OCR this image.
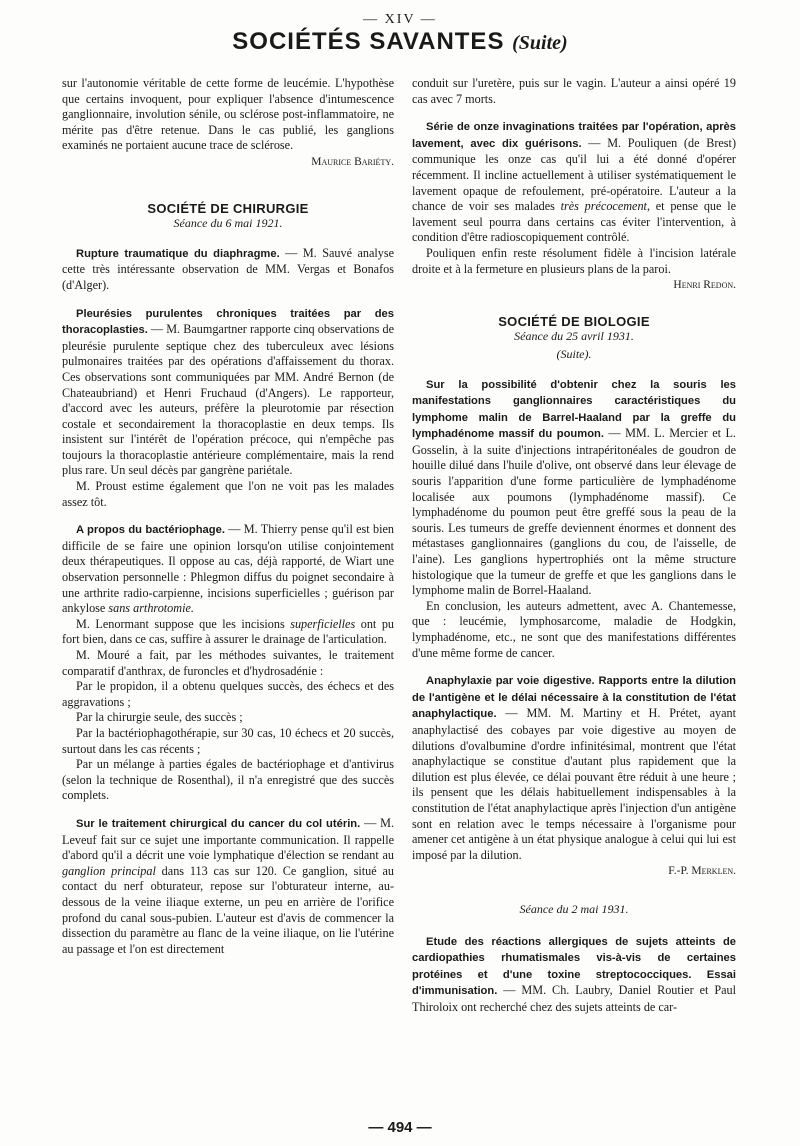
— XIV —
SOCIÉTÉS SAVANTES (Suite)

sur l'autonomie véritable de cette forme de leucémie. L'hypothèse que certains invoquent, pour expliquer l'absence d'intumescence ganglionnaire, involution sénile, ou sclérose post-inflammatoire, ne mérite pas d'être retenue. Dans le cas publié, les ganglions examinés ne portaient aucune trace de sclérose.

Maurice Bariéty.
SOCIÉTÉ DE CHIRURGIE
Séance du 6 mai 1921.

Rupture traumatique du diaphragme. — M. Sauvé analyse cette très intéressante observation de MM. Vergas et Bonafos (d'Alger).

Pleurésies purulentes chroniques traitées par des thoracoplasties. — M. Baumgartner rapporte cinq observations de pleurésie purulente septique chez des tuberculeux avec lésions pulmonaires traitées par des opérations d'affaissement du thorax. Ces observations sont communiquées par MM. André Bernon (de Chateaubriand) et Henri Fruchaud (d'Angers). Le rapporteur, d'accord avec les auteurs, préfère la pleurotomie par résection costale et secondairement la thoracoplastie en deux temps. Ils insistent sur l'intérêt de l'opération précoce, qui n'empêche pas toujours la thoracoplastie antérieure complémentaire, mais la rend plus rare. Un seul décès par gangrène pariétale.

M. Proust estime également que l'on ne voit pas les malades assez tôt.

A propos du bactériophage. — M. Thierry pense qu'il est bien difficile de se faire une opinion lorsqu'on utilise conjointement deux thérapeutiques. Il oppose au cas, déjà rapporté, de Wiart une observation personnelle : Phlegmon diffus du poignet secondaire à une arthrite radio-carpienne, incisions superficielles ; guérison par ankylose sans arthrotomie.

M. Lenormant suppose que les incisions superficielles ont pu fort bien, dans ce cas, suffire à assurer le drainage de l'articulation.

M. Mouré a fait, par les méthodes suivantes, le traitement comparatif d'anthrax, de furoncles et d'hydrosadénie :

Par le propidon, il a obtenu quelques succès, des échecs et des aggravations ;

Par la chirurgie seule, des succès ;

Par la bactériophagothérapie, sur 30 cas, 10 échecs et 20 succès, surtout dans les cas récents ;

Par un mélange à parties égales de bactériophage et d'antivirus (selon la technique de Rosenthal), il n'a enregistré que des succès complets.

Sur le traitement chirurgical du cancer du col utérin. — M. Leveuf fait sur ce sujet une importante communication. Il rappelle d'abord qu'il a décrit une voie lymphatique d'élection se rendant au ganglion principal dans 113 cas sur 120. Ce ganglion, situé au contact du nerf obturateur, repose sur l'obturateur interne, au-dessous de la veine iliaque externe, un peu en arrière de l'orifice profond du canal sous-pubien. L'auteur est d'avis de commencer la dissection du paramètre au flanc de la veine iliaque, on lie l'utérine au passage et l'on est directement

conduit sur l'uretère, puis sur le vagin. L'auteur a ainsi opéré 19 cas avec 7 morts.

Série de onze invaginations traitées par l'opération, après lavement, avec dix guérisons. — M. Pouliquen (de Brest) communique les onze cas qu'il lui a été donné d'opérer récemment. Il incline actuellement à utiliser systématiquement le lavement opaque de refoulement, pré-opératoire. L'auteur a la chance de voir ses malades très précocement, et pense que le lavement seul pourra dans certains cas éviter l'intervention, à condition d'être radioscopiquement contrôlé.

Pouliquen enfin reste résolument fidèle à l'incision latérale droite et à la fermeture en plusieurs plans de la paroi.

Henri Redon.
SOCIÉTÉ DE BIOLOGIE
Séance du 25 avril 1931.
(Suite).

Sur la possibilité d'obtenir chez la souris les manifestations ganglionnaires caractéristiques du lymphome malin de Barrel-Haaland par la greffe du lymphadénome massif du poumon. — MM. L. Mercier et L. Gosselin, à la suite d'injections intrapéritonéales de goudron de houille dilué dans l'huile d'olive, ont observé dans leur élevage de souris l'apparition d'une forme particulière de lymphadénome localisée aux poumons (lymphadénome massif). Ce lymphadénome du poumon peut être greffé sous la peau de la souris. Les tumeurs de greffe deviennent énormes et donnent des métastases ganglionnaires (ganglions du cou, de l'aisselle, de l'aine). Les ganglions hypertrophiés ont la même structure histologique que la tumeur de greffe et que les ganglions dans le lymphome malin de Borrel-Haaland.

En conclusion, les auteurs admettent, avec A. Chantemesse, que : leucémie, lymphosarcome, maladie de Hodgkin, lymphadénome, etc., ne sont que des manifestations différentes d'une même forme de cancer.

Anaphylaxie par voie digestive. Rapports entre la dilution de l'antigène et le délai nécessaire à la constitution de l'état anaphylactique. — MM. M. Martiny et H. Prétet, ayant anaphylactisé des cobayes par voie digestive au moyen de dilutions d'ovalbumine d'ordre infinitésimal, montrent que l'état anaphylactique se constitue d'autant plus rapidement que la dilution est plus élevée, ce délai pouvant être réduit à une heure ; ils pensent que les délais habituellement indispensables à la constitution de l'état anaphylactique après l'injection d'un antigène sont en relation avec le temps nécessaire à l'organisme pour amener cet antigène à un état physique analogue à celui qui lui est imposé par la dilution.

F.-P. Merklen.
Séance du 2 mai 1931.

Etude des réactions allergiques de sujets atteints de cardiopathies rhumatismales vis-à-vis de certaines protéines et d'une toxine streptococciques. Essai d'immunisation. — MM. Ch. Laubry, Daniel Routier et Paul Thiroloix ont recherché chez des sujets atteints de car-

— 494 —
